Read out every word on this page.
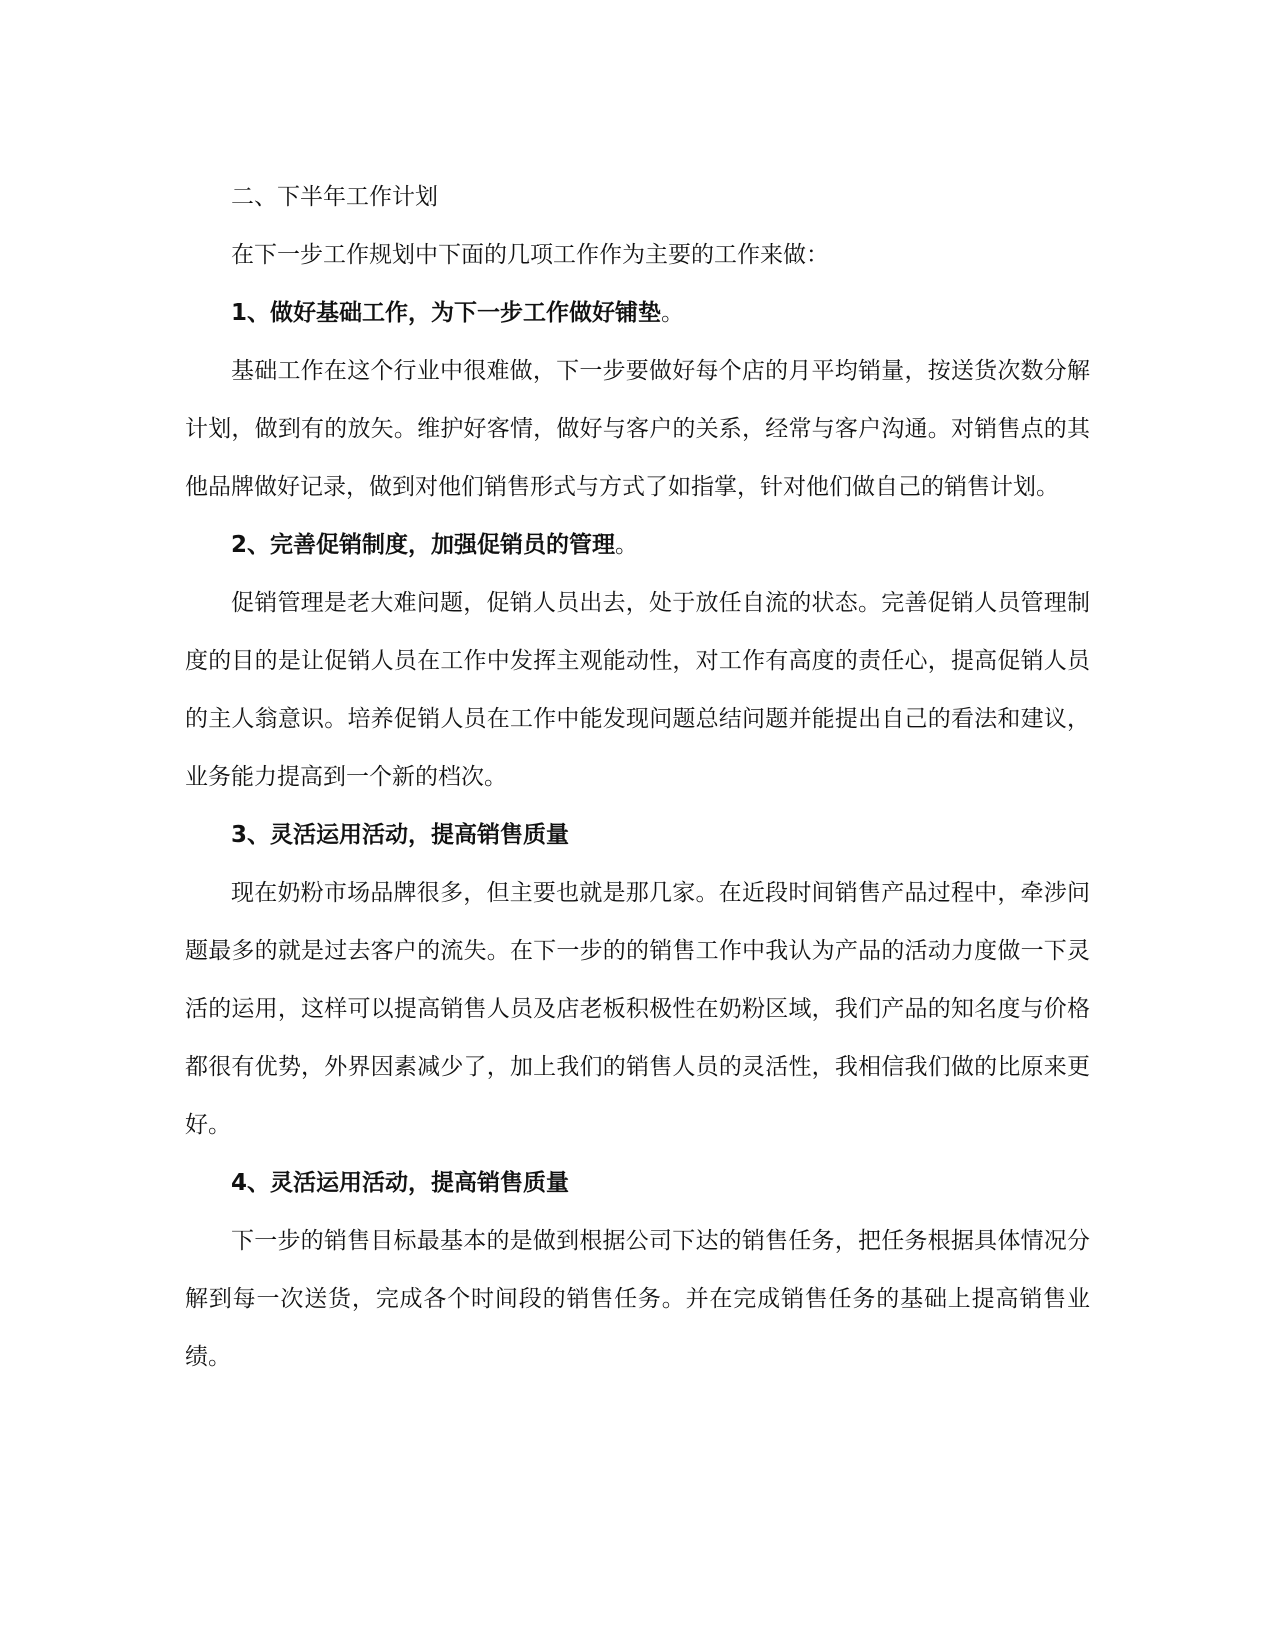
二、下半年工作计划

在下一步工作规划中下面的几项工作作为主要的工作来做：

1、做好基础工作，为下一步工作做好铺垫。

基础工作在这个行业中很难做，下一步要做好每个店的月平均销量，按送货次数分解计划，做到有的放矢。维护好客情，做好与客户的关系，经常与客户沟通。对销售点的其他品牌做好记录，做到对他们销售形式与方式了如指掌，针对他们做自己的销售计划。

2、完善促销制度，加强促销员的管理。

促销管理是老大难问题，促销人员出去，处于放任自流的状态。完善促销人员管理制度的目的是让促销人员在工作中发挥主观能动性，对工作有高度的责任心，提高促销人员的主人翁意识。培养促销人员在工作中能发现问题总结问题并能提出自己的看法和建议，业务能力提高到一个新的档次。

3、灵活运用活动，提高销售质量

现在奶粉市场品牌很多，但主要也就是那几家。在近段时间销售产品过程中，牵涉问题最多的就是过去客户的流失。在下一步的的销售工作中我认为产品的活动力度做一下灵活的运用，这样可以提高销售人员及店老板积极性在奶粉区域，我们产品的知名度与价格都很有优势，外界因素减少了，加上我们的销售人员的灵活性，我相信我们做的比原来更好。

4、灵活运用活动，提高销售质量

下一步的销售目标最基本的是做到根据公司下达的销售任务，把任务根据具体情况分解到每一次送货，完成各个时间段的销售任务。并在完成销售任务的基础上提高销售业绩。
